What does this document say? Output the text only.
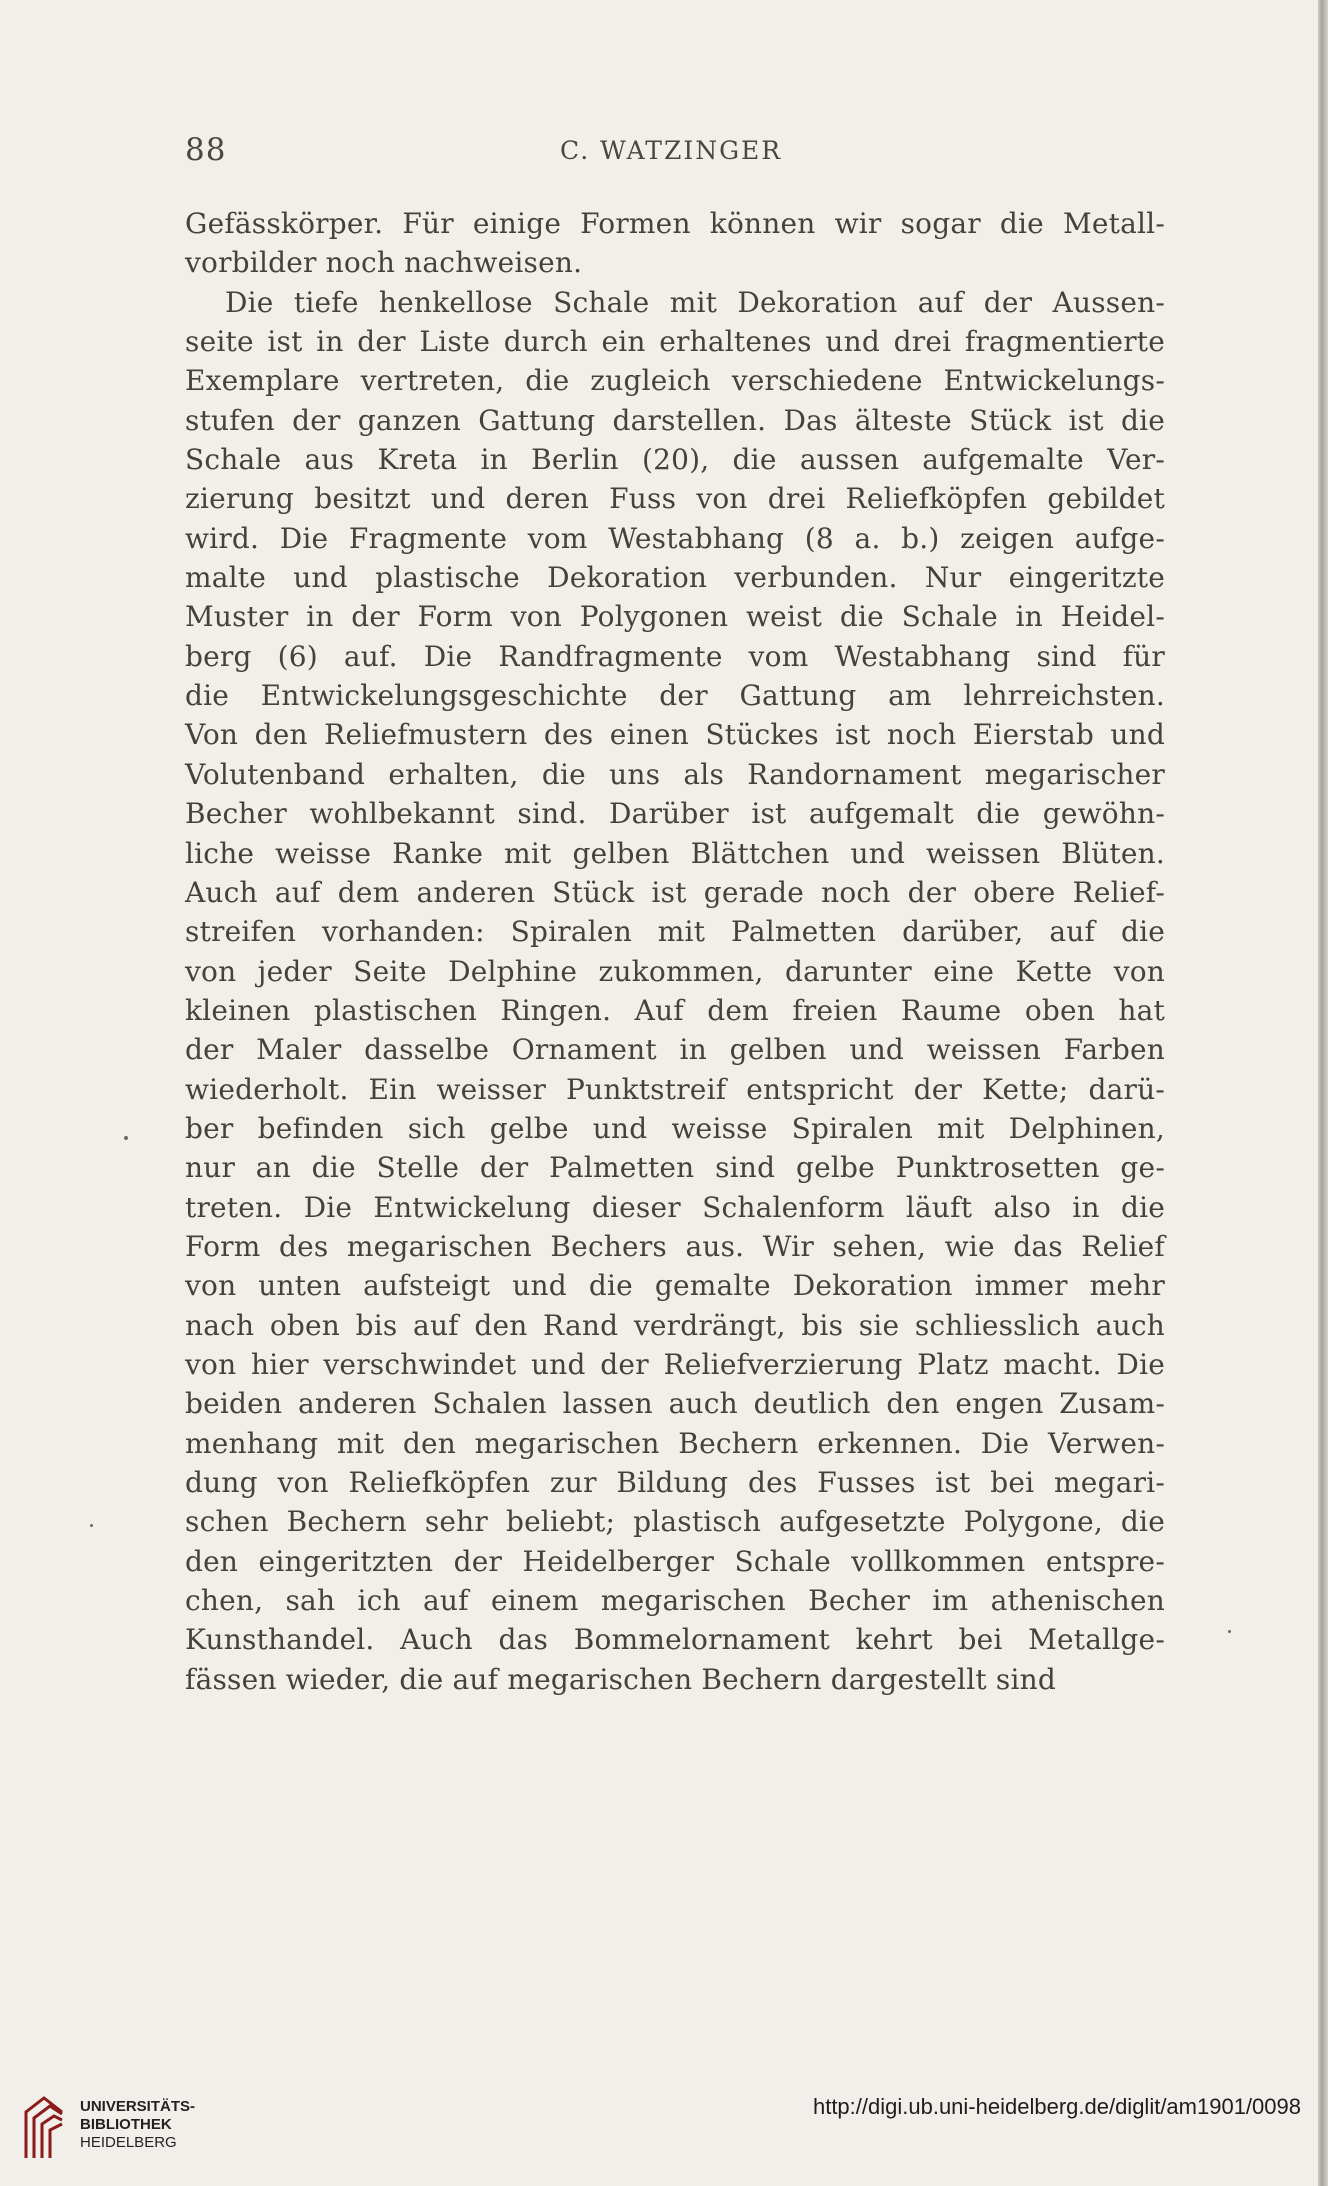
88	C. WATZINGER
Gefässkörper. Für einige Formen können wir sogar die Metall-
vorbilder noch nachweisen.
Die tiefe henkellose Schale mit Dekoration auf der Aussen-
seite ist in der Liste durch ein erhaltenes und drei fragmentierte
Exemplare vertreten, die zugleich verschiedene Entwickelungs-
stufen der ganzen Gattung darstellen. Das älteste Stück ist die
Schale aus Kreta in Berlin (20), die aussen aufgemalte Ver-
zierung besitzt und deren Fuss von drei Reliefköpfen gebildet
wird. Die Fragmente vom Westabhang (8 a. b.) zeigen aufge-
malte und plastische Dekoration verbunden. Nur eingeritzte
Muster in der Form von Polygonen weist die Schale in Heidel-
berg (6) auf. Die Randfragmente vom Westabhang sind für
die Entwickelungsgeschichte der Gattung am lehrreichsten.
Von den Reliefmustern des einen Stückes ist noch Eierstab und
Volutenband erhalten, die uns als Randornament megarischer
Becher wohlbekannt sind. Darüber ist aufgemalt die gewöhn-
liche weisse Ranke mit gelben Blättchen und weissen Blüten.
Auch auf dem anderen Stück ist gerade noch der obere Relief-
streifen vorhanden: Spiralen mit Palmetten darüber, auf die
von jeder Seite Delphine zukommen, darunter eine Kette von
kleinen plastischen Ringen. Auf dem freien Raume oben hat
der Maler dasselbe Ornament in gelben und weissen Farben
wiederholt. Ein weisser Punktstreif entspricht der Kette; darü-
ber befinden sich gelbe und weisse Spiralen mit Delphinen,
nur an die Stelle der Palmetten sind gelbe Punktrosetten ge-
treten. Die Entwickelung dieser Schalenform läuft also in die
Form des megarischen Bechers aus. Wir sehen, wie das Relief
von unten aufsteigt und die gemalte Dekoration immer mehr
nach oben bis auf den Rand verdrängt, bis sie schliesslich auch
von hier verschwindet und der Reliefverzierung Platz macht. Die
beiden anderen Schalen lassen auch deutlich den engen Zusam-
menhang mit den megarischen Bechern erkennen. Die Verwen-
dung von Reliefköpfen zur Bildung des Fusses ist bei megari-
schen Bechern sehr beliebt; plastisch aufgesetzte Polygone, die
den eingeritzten der Heidelberger Schale vollkommen entspre-
chen, sah ich auf einem megarischen Becher im athenischen
Kunsthandel. Auch das Bommelornament kehrt bei Metallge-
fässen wieder, die auf megarischen Bechern dargestellt sind
UNIVERSITÄTS-
BIBLIOTHEK
HEIDELBERG
http://digi.ub.uni-heidelberg.de/diglit/am1901/0098
